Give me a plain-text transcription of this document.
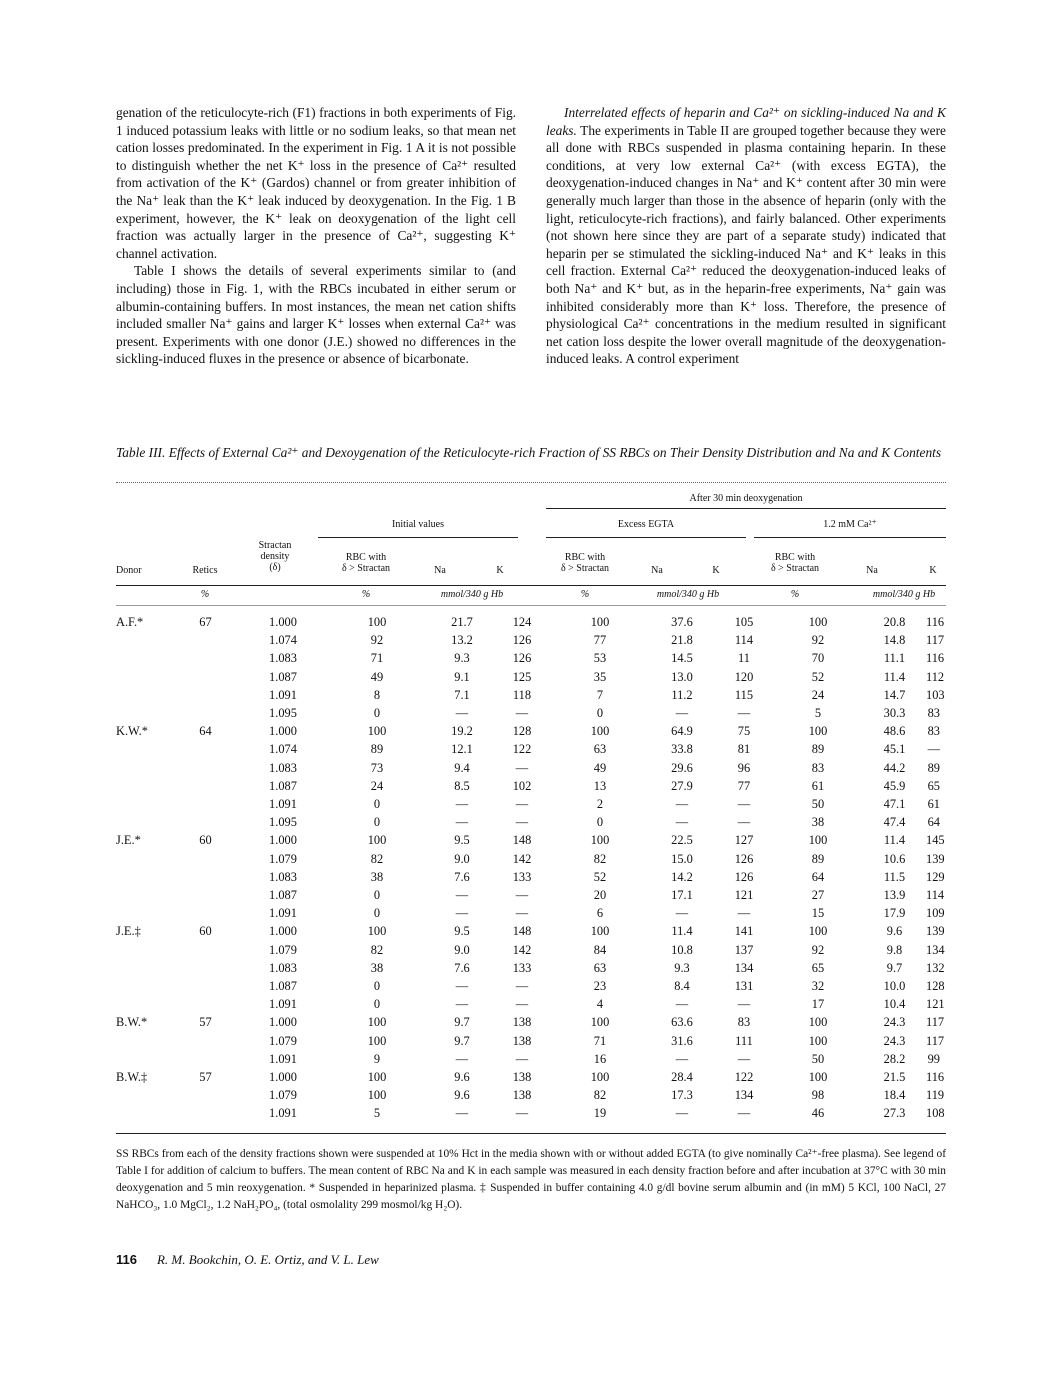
genation of the reticulocyte-rich (F1) fractions in both experiments of Fig. 1 induced potassium leaks with little or no sodium leaks, so that mean net cation losses predominated. In the experiment in Fig. 1 A it is not possible to distinguish whether the net K⁺ loss in the presence of Ca²⁺ resulted from activation of the K⁺ (Gardos) channel or from greater inhibition of the Na⁺ leak than the K⁺ leak induced by deoxygenation. In the Fig. 1 B experiment, however, the K⁺ leak on deoxygenation of the light cell fraction was actually larger in the presence of Ca²⁺, suggesting K⁺ channel activation.

Table I shows the details of several experiments similar to (and including) those in Fig. 1, with the RBCs incubated in either serum or albumin-containing buffers. In most instances, the mean net cation shifts included smaller Na⁺ gains and larger K⁺ losses when external Ca²⁺ was present. Experiments with one donor (J.E.) showed no differences in the sickling-induced fluxes in the presence or absence of bicarbonate.

Interrelated effects of heparin and Ca²⁺ on sickling-induced Na and K leaks. The experiments in Table II are grouped together because they were all done with RBCs suspended in plasma containing heparin. In these conditions, at very low external Ca²⁺ (with excess EGTA), the deoxygenation-induced changes in Na⁺ and K⁺ content after 30 min were generally much larger than those in the absence of heparin (only with the light, reticulocyte-rich fractions), and fairly balanced. Other experiments (not shown here since they are part of a separate study) indicated that heparin per se stimulated the sickling-induced Na⁺ and K⁺ leaks in this cell fraction. External Ca²⁺ reduced the deoxygenation-induced leaks of both Na⁺ and K⁺ but, as in the heparin-free experiments, Na⁺ gain was inhibited considerably more than K⁺ loss. Therefore, the presence of physiological Ca²⁺ concentrations in the medium resulted in significant net cation loss despite the lower overall magnitude of the deoxygenation-induced leaks. A control experiment

Table III. Effects of External Ca²⁺ and Dexoygenation of the Reticulocyte-rich Fraction of SS RBCs on Their Density Distribution and Na and K Contents
After 30 min deoxygenation
Initial values	Excess EGTA	1.2 mM Ca²⁺
Donor	Retics
Stractan
density
(δ)
RBC with
δ > Stractan	Na	K
RBC with
δ > Stractan	Na	K
RBC with
δ > Stractan	Na	K
%	%	mmol/340 g Hb	%	mmol/340 g Hb	%	mmol/340 g Hb
A.F.*	67	1.000	100	21.7	124	100	37.6	105	100	20.8	116
		1.074	92	13.2	126	77	21.8	114	92	14.8	117
		1.083	71	9.3	126	53	14.5	11	70	11.1	116
		1.087	49	9.1	125	35	13.0	120	52	11.4	112
		1.091	8	7.1	118	7	11.2	115	24	14.7	103
		1.095	0	—	—	0	—	—	5	30.3	83
K.W.*	64	1.000	100	19.2	128	100	64.9	75	100	48.6	83
		1.074	89	12.1	122	63	33.8	81	89	45.1	—
		1.083	73	9.4	—	49	29.6	96	83	44.2	89
		1.087	24	8.5	102	13	27.9	77	61	45.9	65
		1.091	0	—	—	2	—	—	50	47.1	61
		1.095	0	—	—	0	—	—	38	47.4	64
J.E.*	60	1.000	100	9.5	148	100	22.5	127	100	11.4	145
		1.079	82	9.0	142	82	15.0	126	89	10.6	139
		1.083	38	7.6	133	52	14.2	126	64	11.5	129
		1.087	0	—	—	20	17.1	121	27	13.9	114
		1.091	0	—	—	6	—	—	15	17.9	109
J.E.‡	60	1.000	100	9.5	148	100	11.4	141	100	9.6	139
		1.079	82	9.0	142	84	10.8	137	92	9.8	134
		1.083	38	7.6	133	63	9.3	134	65	9.7	132
		1.087	0	—	—	23	8.4	131	32	10.0	128
		1.091	0	—	—	4	—	—	17	10.4	121
B.W.*	57	1.000	100	9.7	138	100	63.6	83	100	24.3	117
		1.079	100	9.7	138	71	31.6	111	100	24.3	117
		1.091	9	—	—	16	—	—	50	28.2	99
B.W.‡	57	1.000	100	9.6	138	100	28.4	122	100	21.5	116
		1.079	100	9.6	138	82	17.3	134	98	18.4	119
		1.091	5	—	—	19	—	—	46	27.3	108
SS RBCs from each of the density fractions shown were suspended at 10% Hct in the media shown with or without added EGTA (to give nominally Ca²⁺-free plasma). See legend of Table I for addition of calcium to buffers. The mean content of RBC Na and K in each sample was measured in each density fraction before and after incubation at 37°C with 30 min deoxygenation and 5 min reoxygenation. * Suspended in heparinized plasma. ‡ Suspended in buffer containing 4.0 g/dl bovine serum albumin and (in mM) 5 KCl, 100 NaCl, 27 NaHCO₃, 1.0 MgCl₂, 1.2 NaH₂PO₄, (total osmolality 299 mosmol/kg H₂O).
116 R. M. Bookchin, O. E. Ortiz, and V. L. Lew
